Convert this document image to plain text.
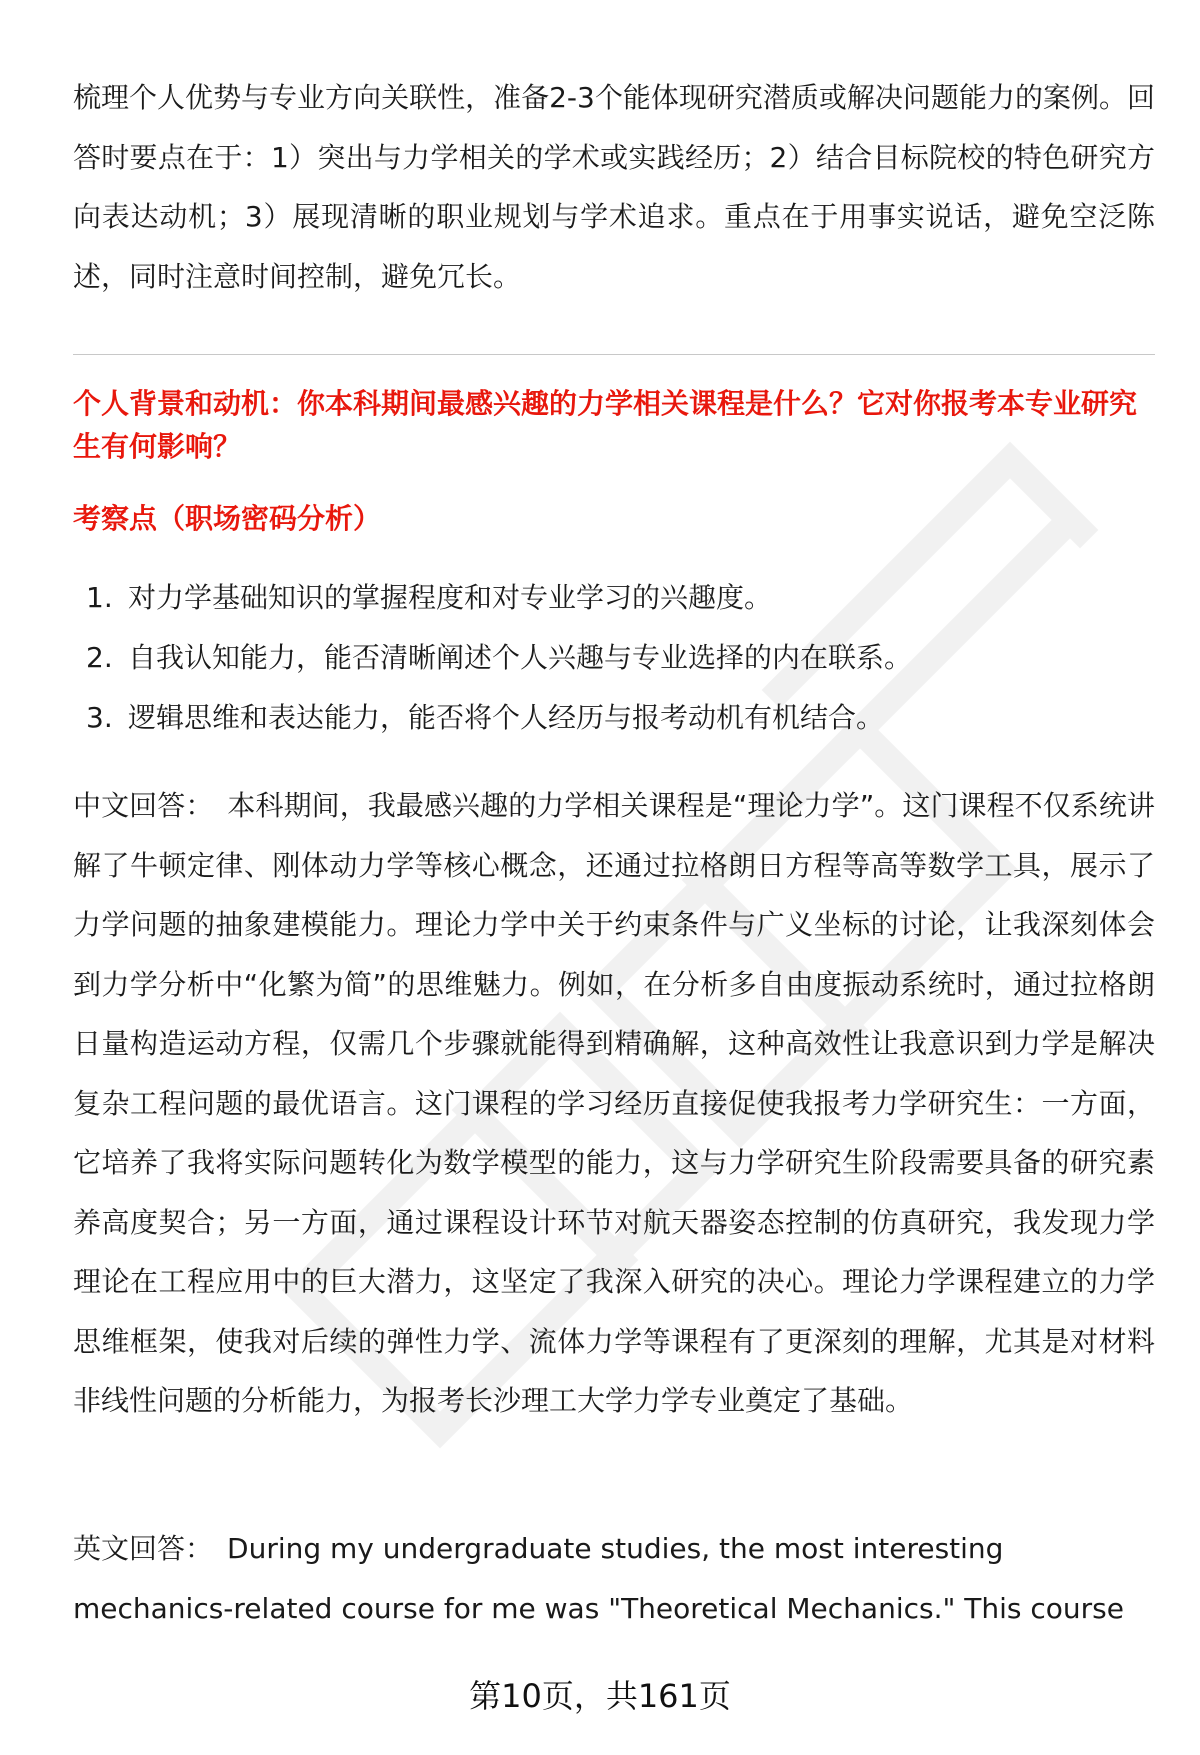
梳理个人优势与专业方向关联性，准备2-3个能体现研究潜质或解决问题能力的案例。回答时要点在于：1）突出与力学相关的学术或实践经历；2）结合目标院校的特色研究方向表达动机；3）展现清晰的职业规划与学术追求。重点在于用事实说话，避免空泛陈述，同时注意时间控制，避免冗长。

个人背景和动机：你本科期间最感兴趣的力学相关课程是什么？它对你报考本专业研究生有何影响？

考察点（职场密码分析）

1. 对力学基础知识的掌握程度和对专业学习的兴趣度。
2. 自我认知能力，能否清晰阐述个人兴趣与专业选择的内在联系。
3. 逻辑思维和表达能力，能否将个人经历与报考动机有机结合。

中文回答： 本科期间，我最感兴趣的力学相关课程是“理论力学”。这门课程不仅系统讲解了牛顿定律、刚体动力学等核心概念，还通过拉格朗日方程等高等数学工具，展示了力学问题的抽象建模能力。理论力学中关于约束条件与广义坐标的讨论，让我深刻体会到力学分析中“化繁为简”的思维魅力。例如，在分析多自由度振动系统时，通过拉格朗日量构造运动方程，仅需几个步骤就能得到精确解，这种高效性让我意识到力学是解决复杂工程问题的最优语言。这门课程的学习经历直接促使我报考力学研究生：一方面，它培养了我将实际问题转化为数学模型的能力，这与力学研究生阶段需要具备的研究素养高度契合；另一方面，通过课程设计环节对航天器姿态控制的仿真研究，我发现力学理论在工程应用中的巨大潜力，这坚定了我深入研究的决心。理论力学课程建立的力学思维框架，使我对后续的弹性力学、流体力学等课程有了更深刻的理解，尤其是对材料非线性问题的分析能力，为报考长沙理工大学力学专业奠定了基础。

英文回答： During my undergraduate studies, the most interesting mechanics-related course for me was "Theoretical Mechanics." This course

第10页，共161页
